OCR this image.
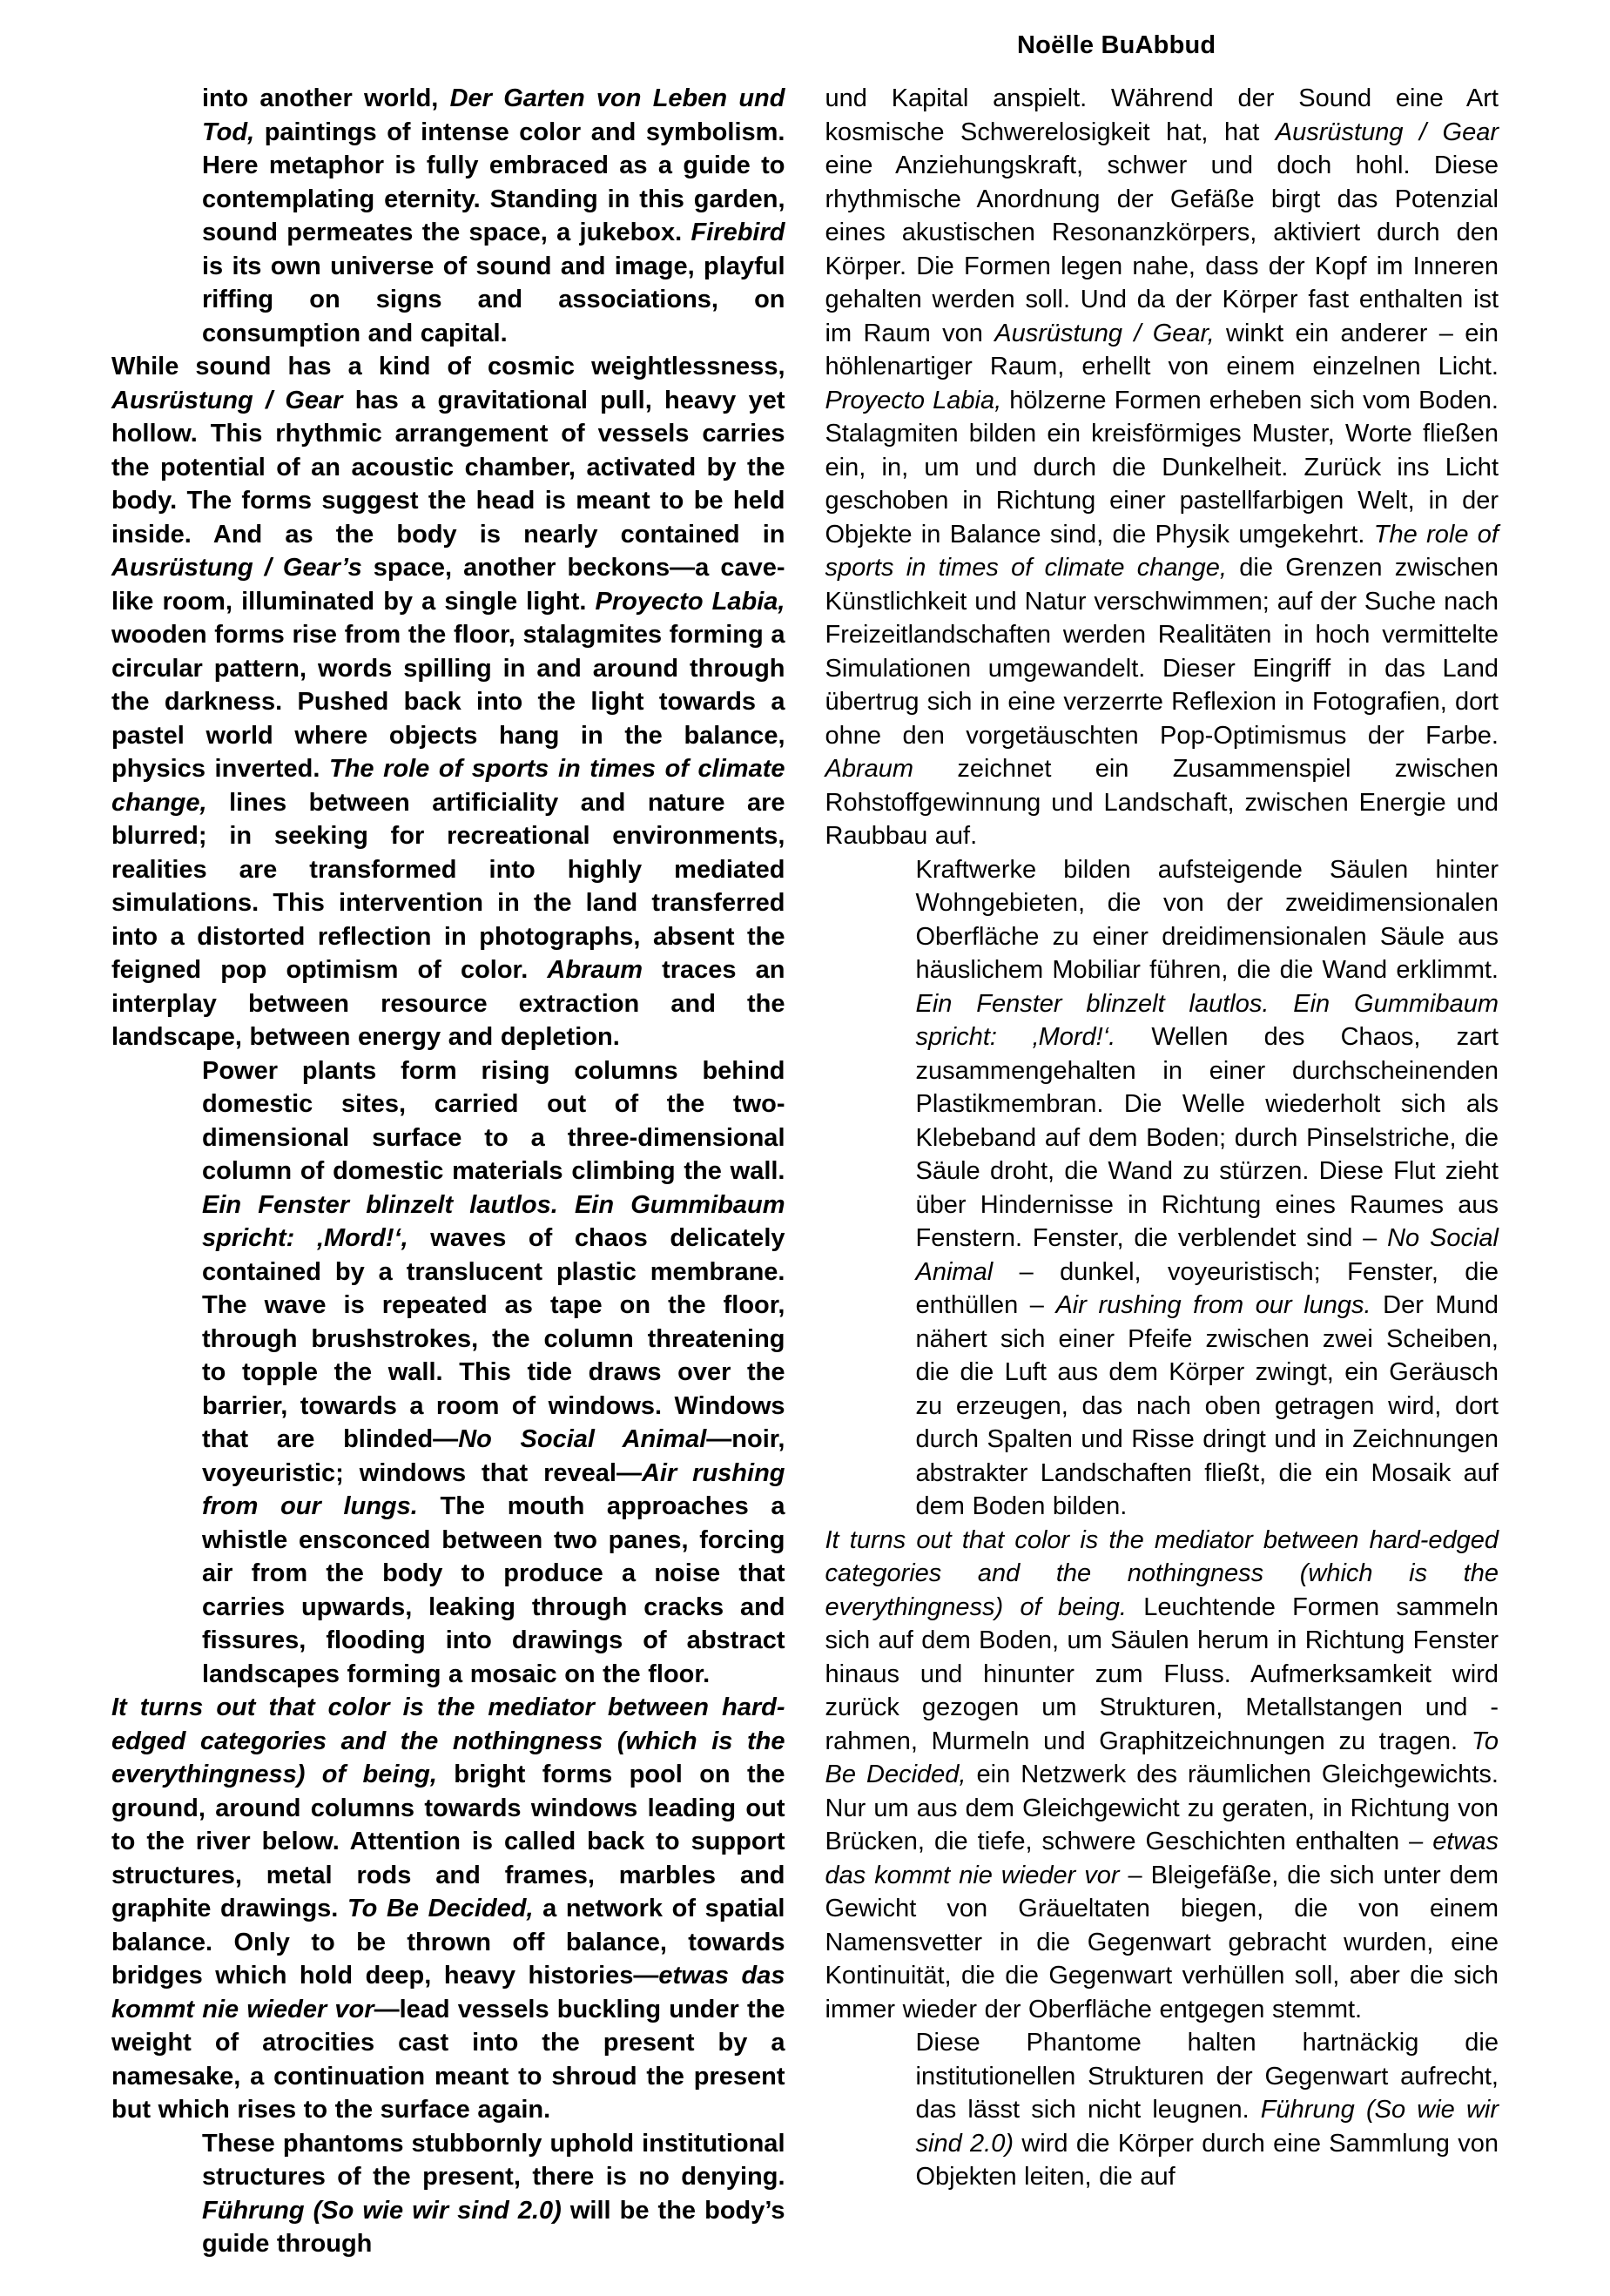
Noëlle BuAbbud

into another world, Der Garten von Leben und Tod, paintings of intense color and symbolism. Here metaphor is fully embraced as a guide to contemplating eternity. Standing in this garden, sound permeates the space, a jukebox. Firebird is its own universe of sound and image, playful riffing on signs and associations, on consumption and capital.

While sound has a kind of cosmic weightlessness, Ausrüstung / Gear has a gravitational pull, heavy yet hollow. This rhythmic arrangement of vessels carries the potential of an acoustic chamber, activated by the body. The forms suggest the head is meant to be held inside. And as the body is nearly contained in Ausrüstung / Gear’s space, another beckons—a cave-like room, illuminated by a single light. Proyecto Labia, wooden forms rise from the floor, stalagmites forming a circular pattern, words spilling in and around through the darkness. Pushed back into the light towards a pastel world where objects hang in the balance, physics inverted. The role of sports in times of climate change, lines between artificiality and nature are blurred; in seeking for recreational environments, realities are transformed into highly mediated simulations. This intervention in the land transferred into a distorted reflection in photographs, absent the feigned pop optimism of color. Abraum traces an interplay between resource extraction and the landscape, between energy and depletion.

Power plants form rising columns behind domestic sites, carried out of the two-dimensional surface to a three-dimensional column of domestic materials climbing the wall. Ein Fenster blinzelt lautlos. Ein Gummibaum spricht: ‚Mord!‘, waves of chaos delicately contained by a translucent plastic membrane. The wave is repeated as tape on the floor, through brushstrokes, the column threatening to topple the wall. This tide draws over the barrier, towards a room of windows. Windows that are blinded—No Social Animal—noir, voyeuristic; windows that reveal—Air rushing from our lungs. The mouth approaches a whistle ensconced between two panes, forcing air from the body to produce a noise that carries upwards, leaking through cracks and fissures, flooding into drawings of abstract landscapes forming a mosaic on the floor.

It turns out that color is the mediator between hard-edged categories and the nothingness (which is the everythingness) of being, bright forms pool on the ground, around columns towards windows leading out to the river below. Attention is called back to support structures, metal rods and frames, marbles and graphite drawings. To Be Decided, a network of spatial balance. Only to be thrown off balance, towards bridges which hold deep, heavy histories—etwas das kommt nie wieder vor—lead vessels buckling under the weight of atrocities cast into the present by a namesake, a continuation meant to shroud the present but which rises to the surface again.

These phantoms stubbornly uphold institutional structures of the present, there is no denying. Führung (So wie wir sind 2.0) will be the body’s guide through

und Kapital anspielt. Während der Sound eine Art kosmische Schwerelosigkeit hat, hat Ausrüstung / Gear eine Anziehungskraft, schwer und doch hohl. Diese rhythmische Anordnung der Gefäße birgt das Potenzial eines akustischen Resonanzkörpers, aktiviert durch den Körper. Die Formen legen nahe, dass der Kopf im Inneren gehalten werden soll. Und da der Körper fast enthalten ist im Raum von Ausrüstung / Gear, winkt ein anderer – ein höhlenartiger Raum, erhellt von einem einzelnen Licht. Proyecto Labia, hölzerne Formen erheben sich vom Boden. Stalagmiten bilden ein kreisförmiges Muster, Worte fließen ein, in, um und durch die Dunkelheit. Zurück ins Licht geschoben in Richtung einer pastellfarbigen Welt, in der Objekte in Balance sind, die Physik umgekehrt. The role of sports in times of climate change, die Grenzen zwischen Künstlichkeit und Natur verschwimmen; auf der Suche nach Freizeitlandschaften werden Realitäten in hoch vermittelte Simulationen umgewandelt. Dieser Eingriff in das Land übertrug sich in eine verzerrte Reflexion in Fotografien, dort ohne den vorgetäuschten Pop-Optimismus der Farbe. Abraum zeichnet ein Zusammenspiel zwischen Rohstoffgewinnung und Landschaft, zwischen Energie und Raubbau auf.

Kraftwerke bilden aufsteigende Säulen hinter Wohngebieten, die von der zweidimensionalen Oberfläche zu einer dreidimensionalen Säule aus häuslichem Mobiliar führen, die die Wand erklimmt. Ein Fenster blinzelt lautlos. Ein Gummibaum spricht: ‚Mord!‘. Wellen des Chaos, zart zusammengehalten in einer durchscheinenden Plastikmembran. Die Welle wiederholt sich als Klebeband auf dem Boden; durch Pinselstriche, die Säule droht, die Wand zu stürzen. Diese Flut zieht über Hindernisse in Richtung eines Raumes aus Fenstern. Fenster, die verblendet sind – No Social Animal – dunkel, voyeuristisch; Fenster, die enthüllen – Air rushing from our lungs. Der Mund nähert sich einer Pfeife zwischen zwei Scheiben, die die Luft aus dem Körper zwingt, ein Geräusch zu erzeugen, das nach oben getragen wird, dort durch Spalten und Risse dringt und in Zeichnungen abstrakter Landschaften fließt, die ein Mosaik auf dem Boden bilden.

It turns out that color is the mediator between hard-edged categories and the nothingness (which is the everythingness) of being. Leuchtende Formen sammeln sich auf dem Boden, um Säulen herum in Richtung Fenster hinaus und hinunter zum Fluss. Aufmerksamkeit wird zurück gezogen um Strukturen, Metallstangen und -rahmen, Murmeln und Graphitzeichnungen zu tragen. To Be Decided, ein Netzwerk des räumlichen Gleichgewichts. Nur um aus dem Gleichgewicht zu geraten, in Richtung von Brücken, die tiefe, schwere Geschichten enthalten – etwas das kommt nie wieder vor – Bleigefäße, die sich unter dem Gewicht von Gräueltaten biegen, die von einem Namensvetter in die Gegenwart gebracht wurden, eine Kontinuität, die die Gegenwart verhüllen soll, aber die sich immer wieder der Oberfläche entgegen stemmt.

Diese Phantome halten hartnäckig die institutionellen Strukturen der Gegenwart aufrecht, das lässt sich nicht leugnen. Führung (So wie wir sind 2.0) wird die Körper durch eine Sammlung von Objekten leiten, die auf
